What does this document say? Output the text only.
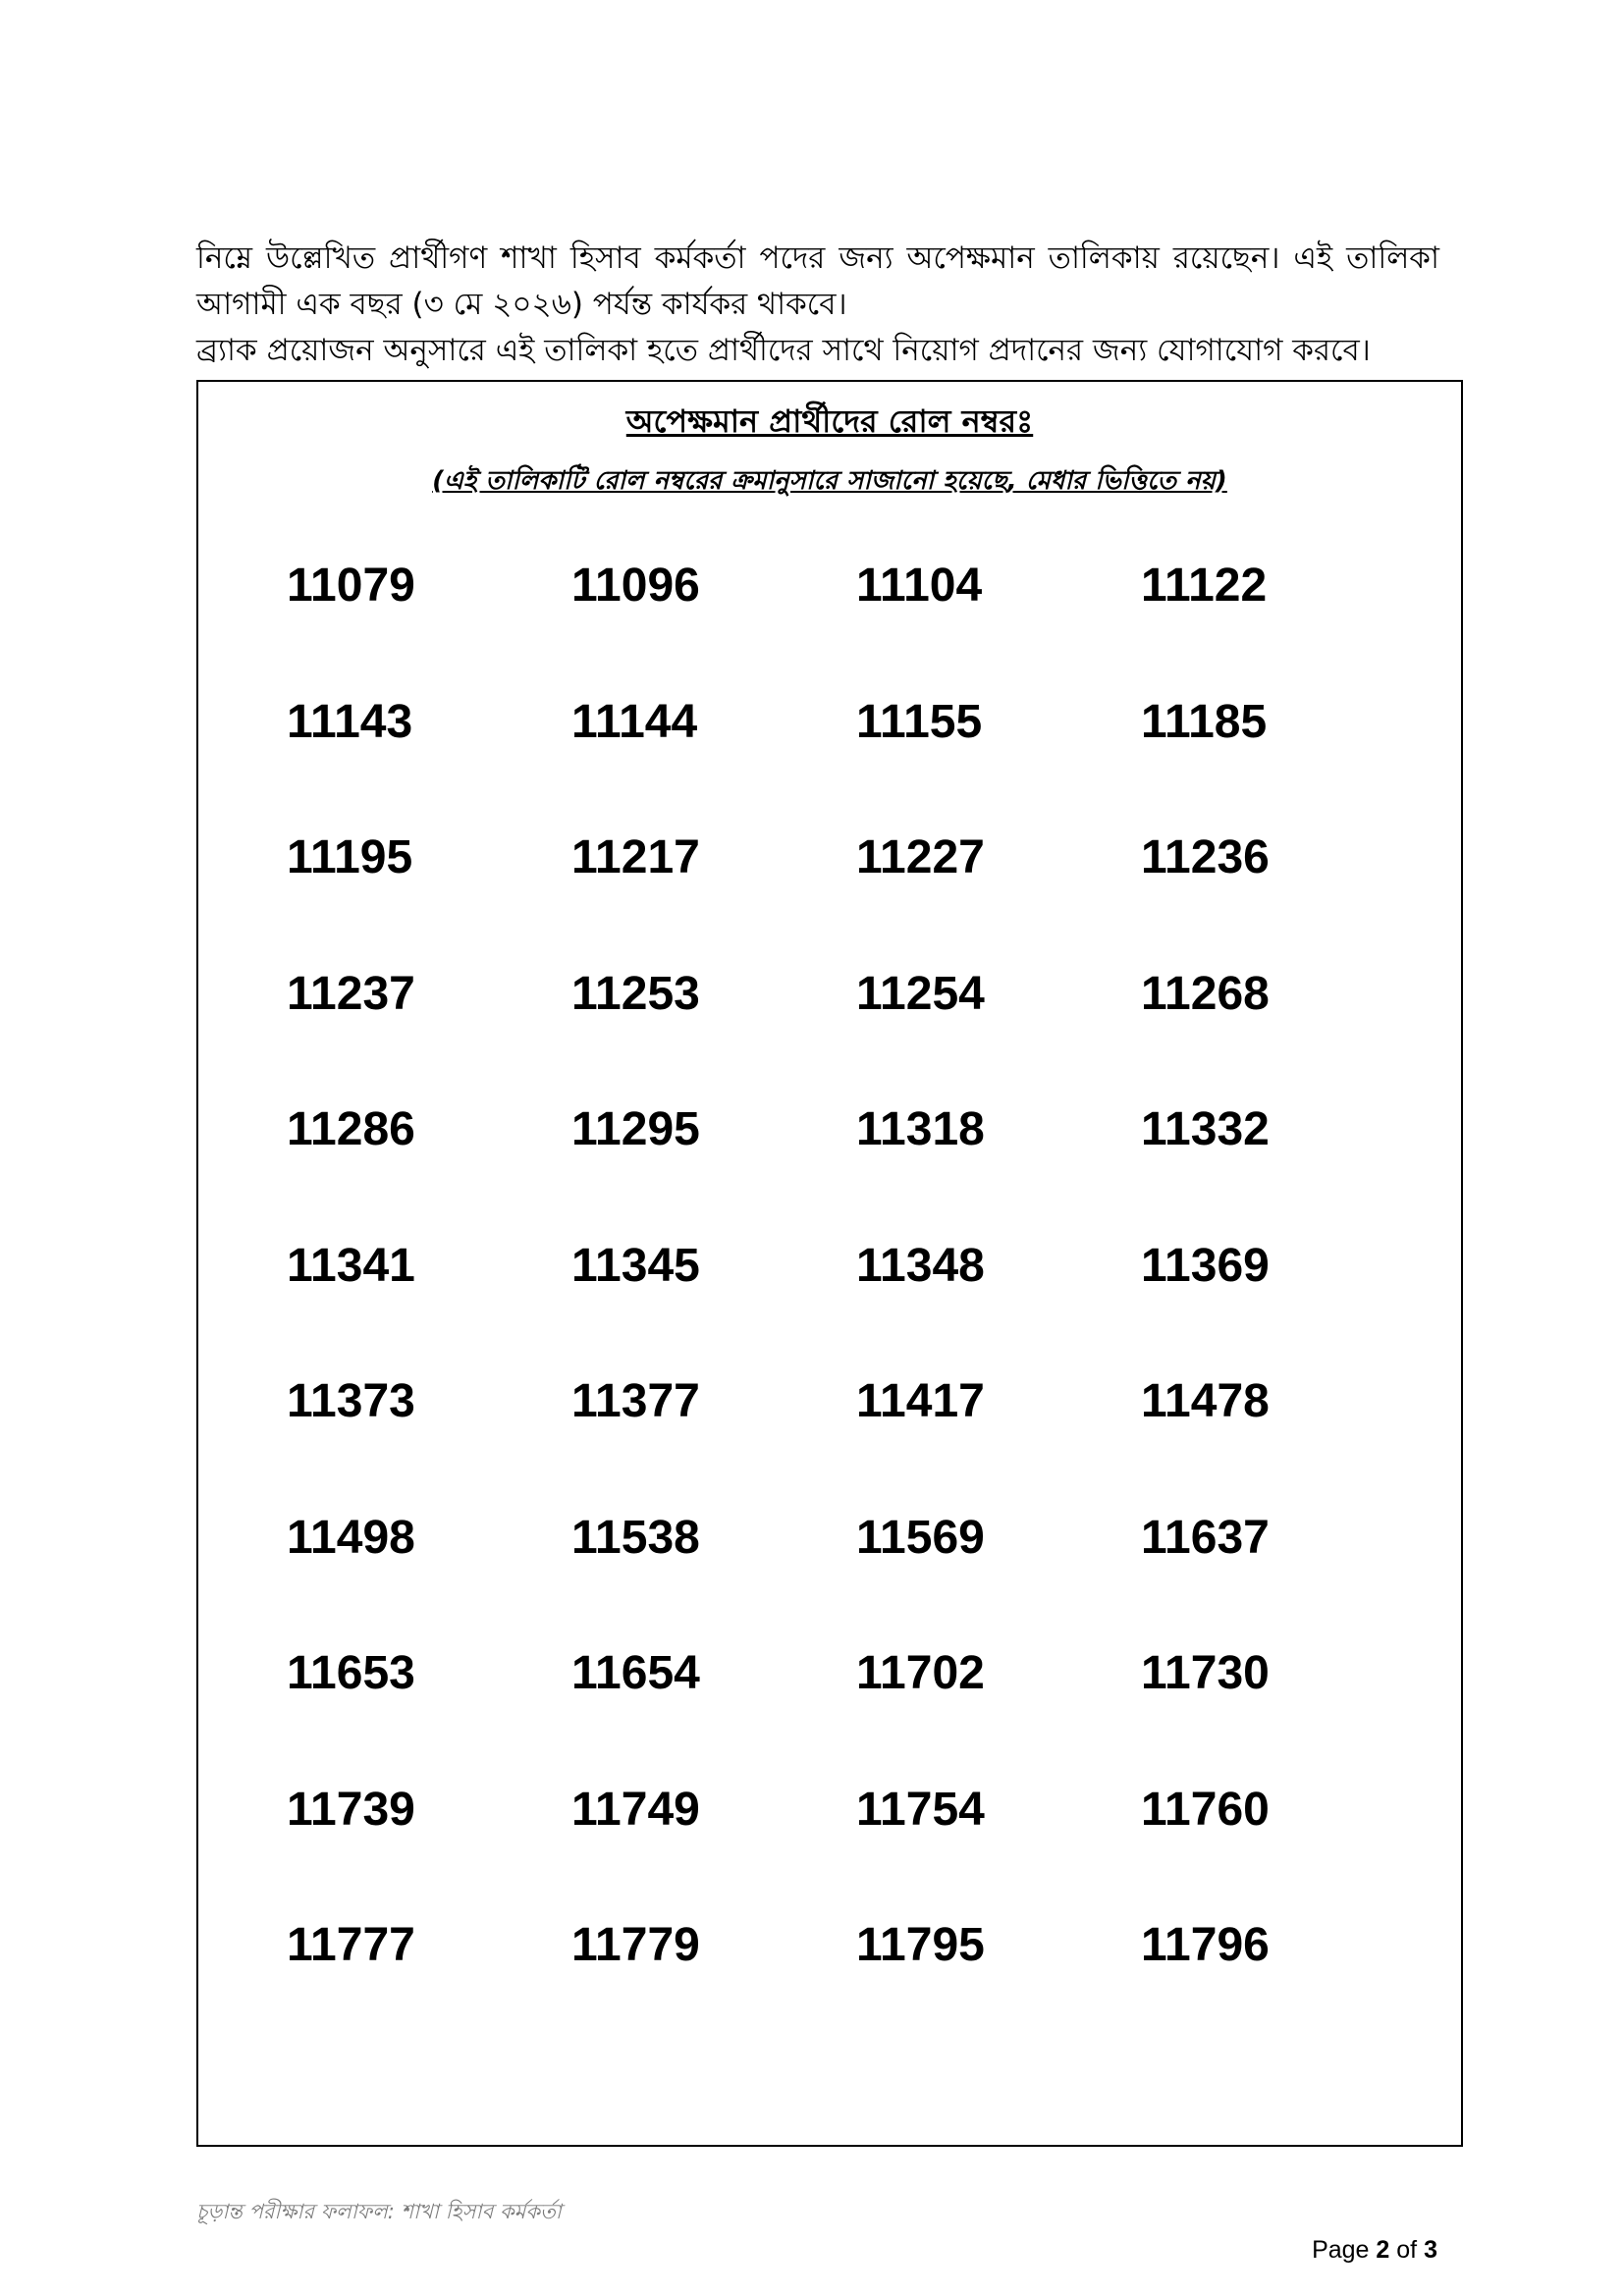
নিম্নে উল্লেখিত প্রার্থীগণ শাখা হিসাব কর্মকর্তা পদের জন্য অপেক্ষমান তালিকায় রয়েছেন। এই তালিকা আগামী এক বছর (৩ মে ২০২৬) পর্যন্ত কার্যকর থাকবে।

ব্র্যাক প্রয়োজন অনুসারে এই তালিকা হতে প্রার্থীদের সাথে নিয়োগ প্রদানের জন্য যোগাযোগ করবে।

অপেক্ষমান প্রার্থীদের রোল নম্বরঃ
(এই তালিকাটি রোল নম্বরের ক্রমানুসারে সাজানো হয়েছে, মেধার ভিত্তিতে নয়)
11079	11096	11104	11122
11143	11144	11155	11185
11195	11217	11227	11236
11237	11253	11254	11268
11286	11295	11318	11332
11341	11345	11348	11369
11373	11377	11417	11478
11498	11538	11569	11637
11653	11654	11702	11730
11739	11749	11754	11760
11777	11779	11795	11796
চূড়ান্ত পরীক্ষার ফলাফল: শাখা হিসাব কর্মকর্তা
Page 2 of 3
